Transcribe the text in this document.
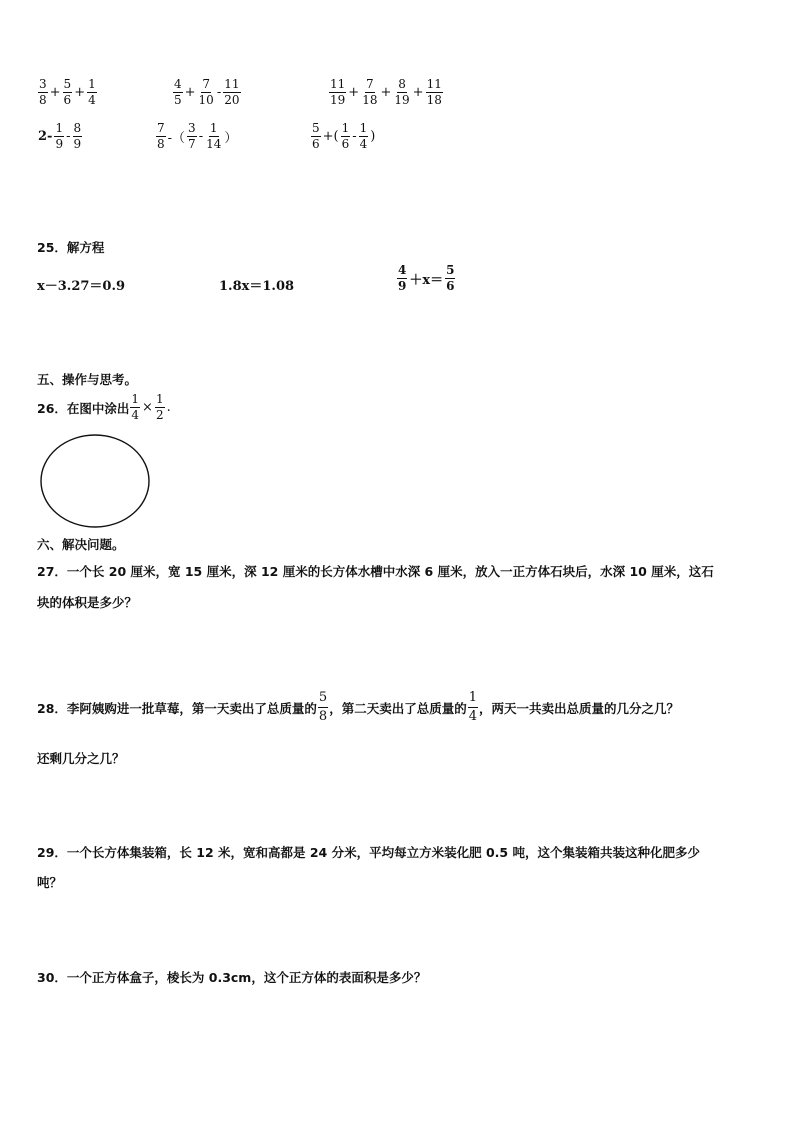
$\frac{3}{8} + \frac{5}{6} + \frac{1}{4}$	$\frac{4}{5} + \frac{7}{10} - \frac{11}{20}$	$\frac{11}{19} + \frac{7}{18} + \frac{8}{19} + \frac{11}{18}$
$2- \frac{1}{9} - \frac{8}{9}$	$\frac{7}{8}$ -（ $\frac{3}{7} - \frac{1}{14}$ ）	$\frac{5}{6}$ +( $\frac{1}{6} - \frac{1}{4}$ )
25．解方程
x－3.27＝0.9	1.8x＝1.08	$\frac{4}{9} +x= \frac{5}{6}$
五、操作与思考。
26．在图中涂出 $\frac{1}{4} \times \frac{1}{2}$ .
六、解决问题。
27．一个长 20 厘米，宽 15 厘米，深 12 厘米的长方体水槽中水深 6 厘米，放入一正方体石块后，水深 10 厘米，这石
块的体积是多少？
28．李阿姨购进一批草莓，第一天卖出了总质量的 $\frac{5}{8}$ ，第二天卖出了总质量的 $\frac{1}{4}$ ，两天一共卖出总质量的几分之几？
还剩几分之几？
29．一个长方体集装箱，长 12 米，宽和高都是 24 分米，平均每立方米装化肥 0.5 吨，这个集装箱共装这种化肥多少
吨？
30．一个正方体盒子，棱长为 0.3cm，这个正方体的表面积是多少？
